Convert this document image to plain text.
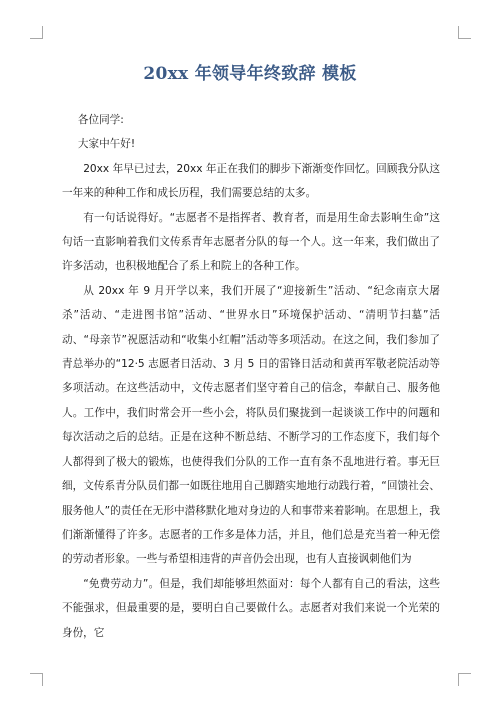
20xx 年领导年终致辞 模板

各位同学:

大家中午好!

20xx 年早已过去，20xx 年正在我们的脚步下渐渐变作回忆。回顾我分队这一年来的种种工作和成长历程，我们需要总结的太多。

有一句话说得好。“志愿者不是指挥者、教育者，而是用生命去影响生命”这句话一直影响着我们文传系青年志愿者分队的每一个人。这一年来，我们做出了许多活动，也积极地配合了系上和院上的各种工作。

从 20xx 年 9 月开学以来，我们开展了“迎接新生”活动、“纪念南京大屠杀”活动、“走进图书馆”活动、“世界水日”环境保护活动、“清明节扫墓”活动、“母亲节”祝愿活动和“收集小红帽”活动等多项活动。在这之间，我们参加了青总举办的“12·5 志愿者日活动、3 月 5 日的雷锋日活动和黄再军敬老院活动等多项活动。在这些活动中，文传志愿者们坚守着自己的信念，奉献自己、服务他人。工作中，我们时常会开一些小会，将队员们聚拢到一起谈谈工作中的问题和每次活动之后的总结。正是在这种不断总结、不断学习的工作态度下，我们每个人都得到了极大的锻炼，也使得我们分队的工作一直有条不乱地进行着。事无巨细，文传系青分队员们都一如既往地用自己脚踏实地地行动践行着，“回馈社会、服务他人”的责任在无形中潜移默化地对身边的人和事带来着影响。在思想上，我们渐渐懂得了许多。志愿者的工作多是体力活，并且，他们总是充当着一种无偿的劳动者形象。一些与希望相违背的声音仍会出现，也有人直接讽刺他们为

“免费劳动力”。但是，我们却能够坦然面对：每个人都有自己的看法，这些不能强求，但最重要的是，要明白自己要做什么。志愿者对我们来说一个光荣的身份，它
